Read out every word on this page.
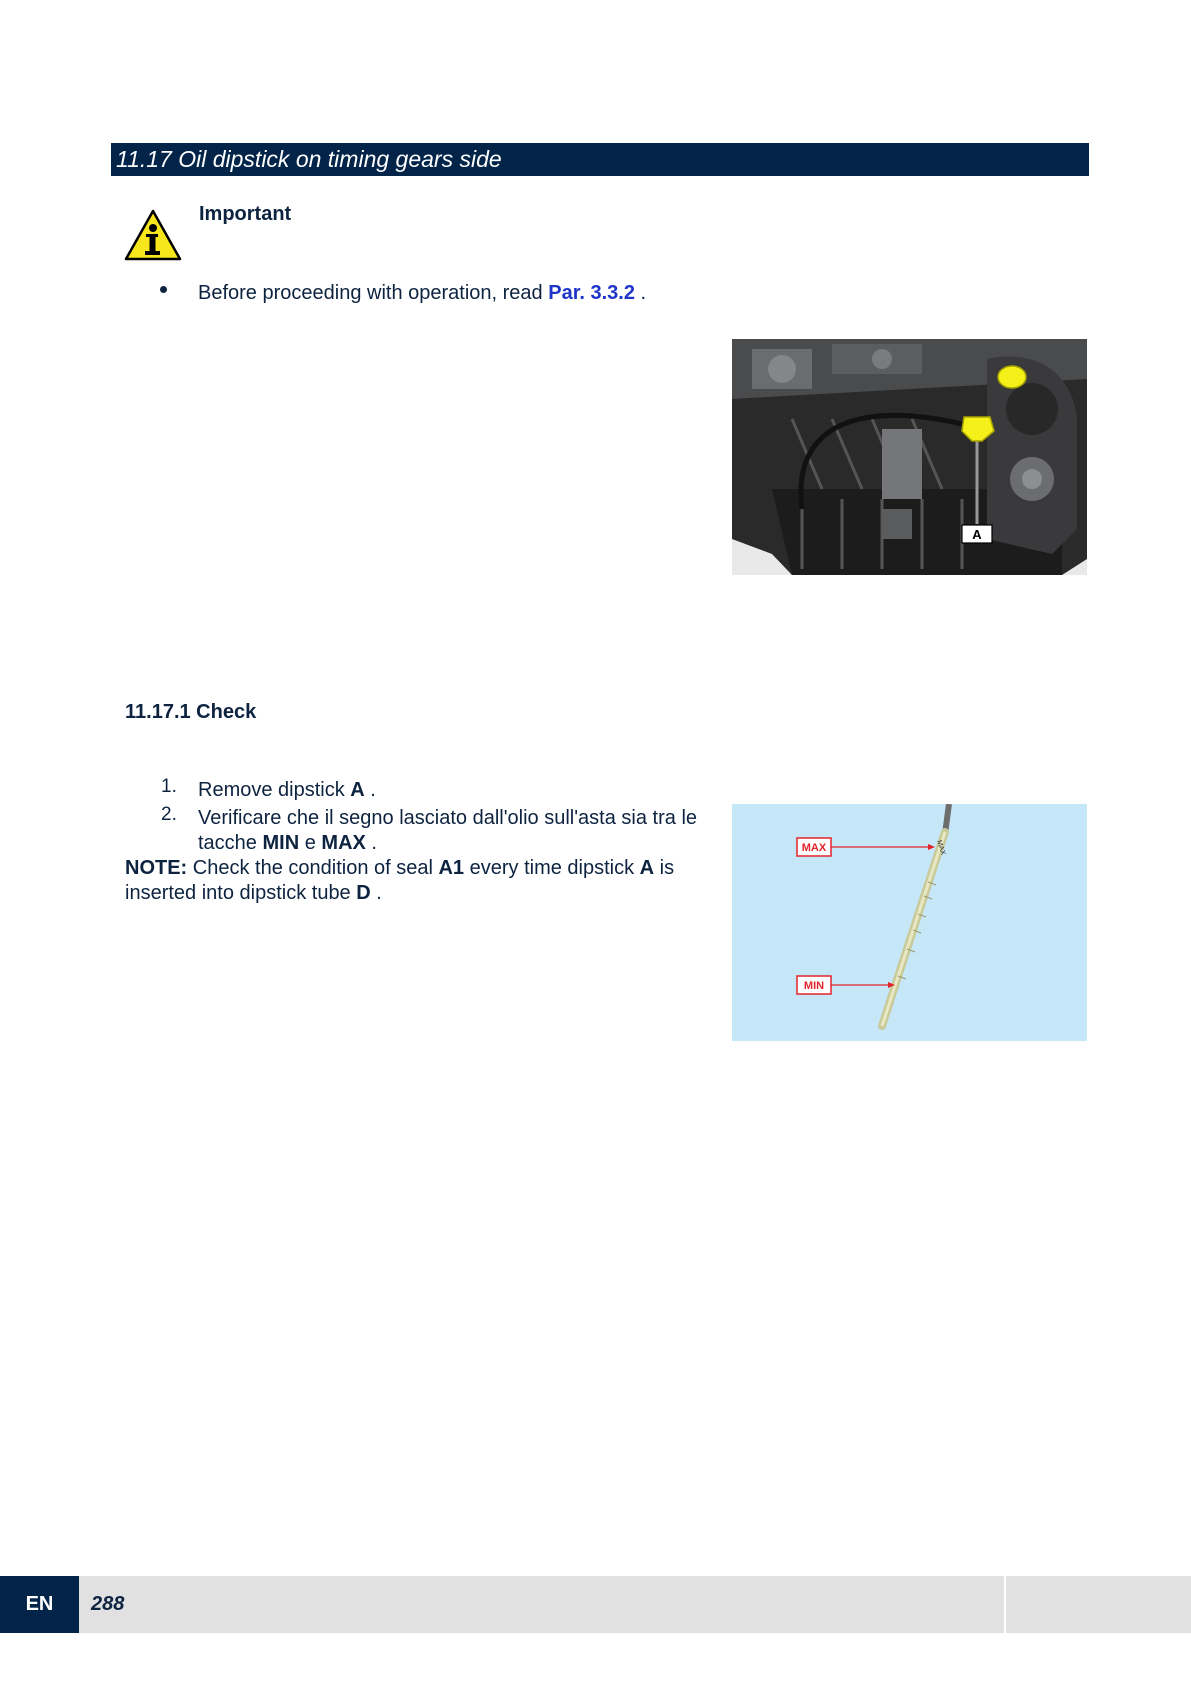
11.17 Oil dipstick on timing gears side
Important
Before proceeding with operation, read Par. 3.3.2 .
A
11.17.1 Check
1. Remove dipstick A .
2. Verificare che il segno lasciato dall'olio sull'asta sia tra le
tacche MIN e MAX .
NOTE: Check the condition of seal A1 every time dipstick A is inserted into dipstick tube D .
MAX
MAX
MIN
EN	288
